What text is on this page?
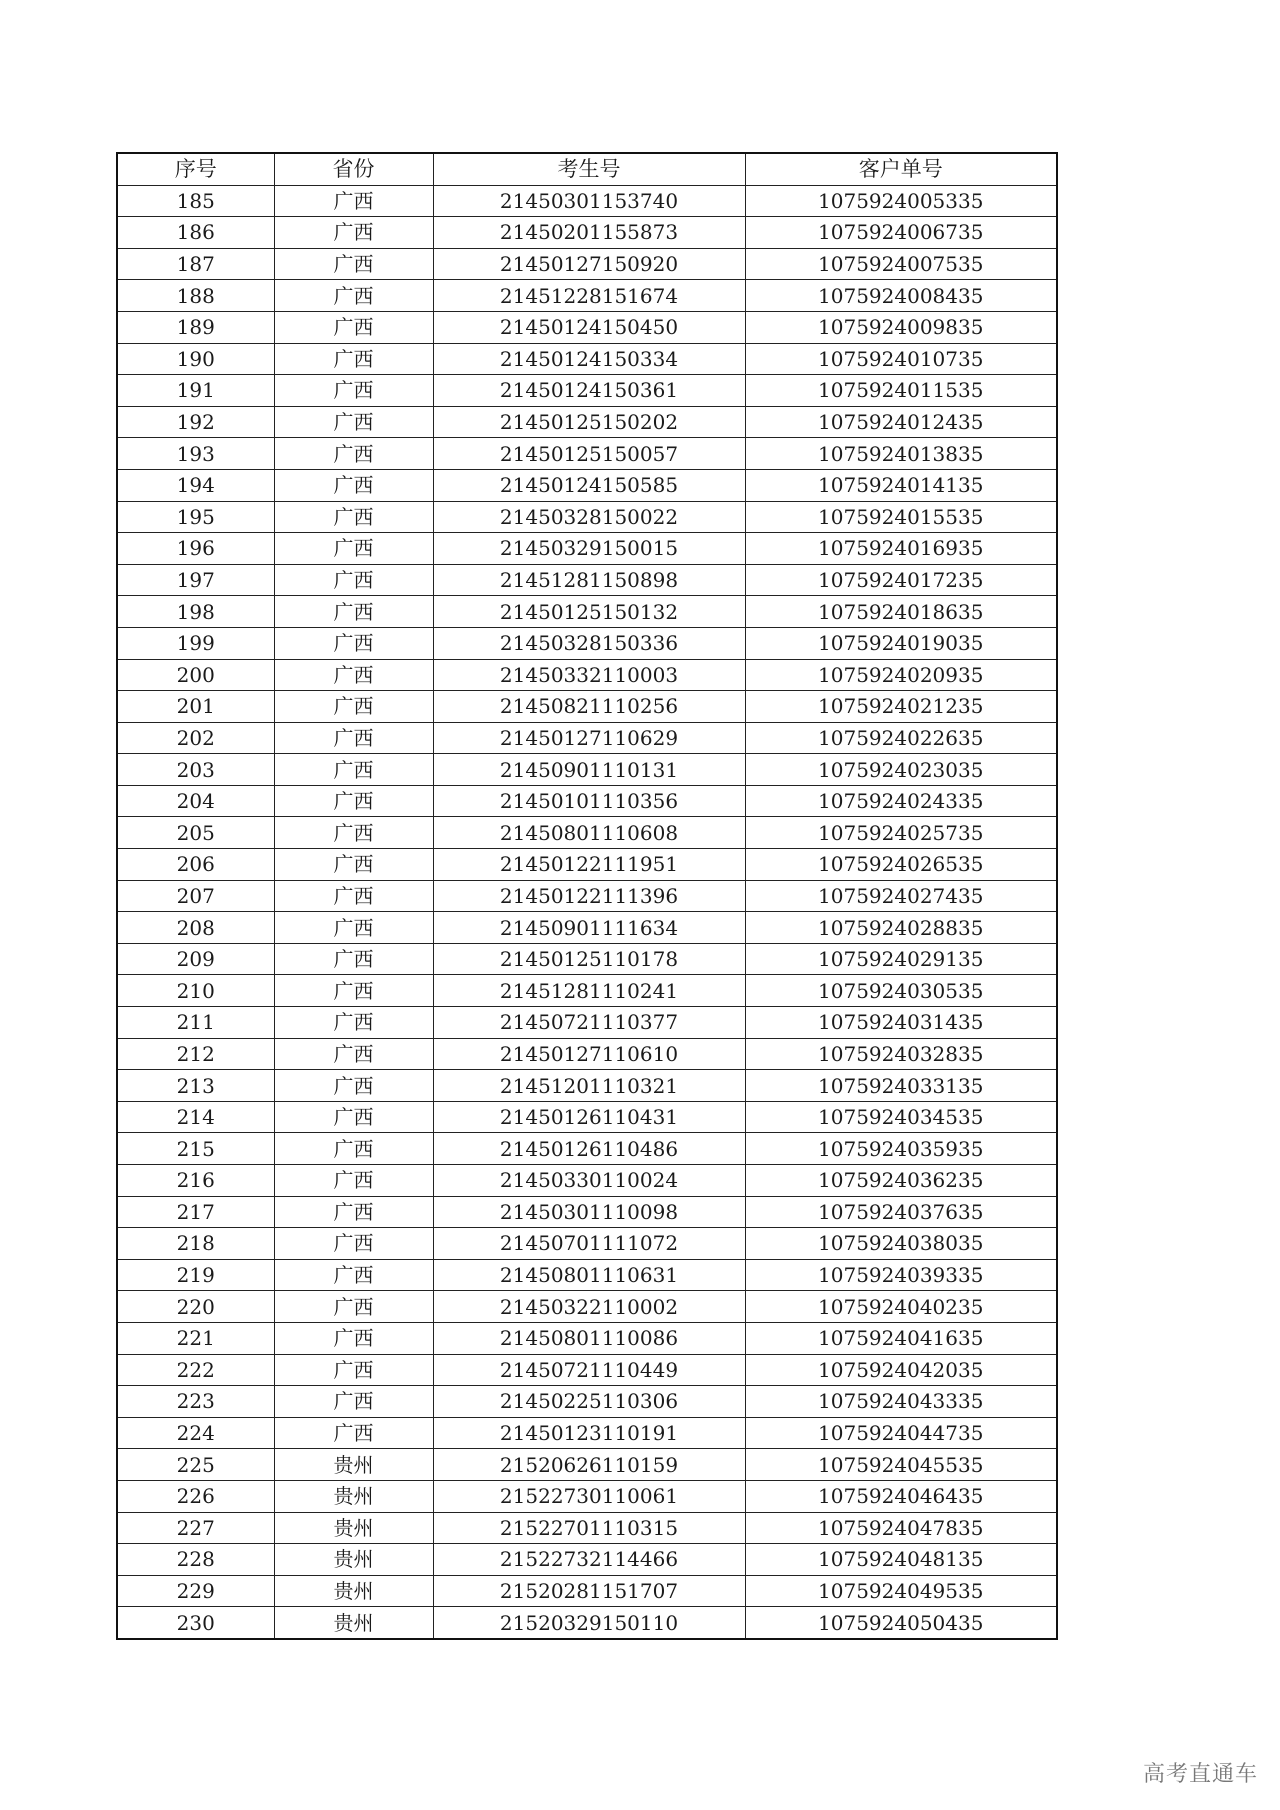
序号	省份	考生号	客户单号
185	广西	21450301153740	1075924005335
186	广西	21450201155873	1075924006735
187	广西	21450127150920	1075924007535
188	广西	21451228151674	1075924008435
189	广西	21450124150450	1075924009835
190	广西	21450124150334	1075924010735
191	广西	21450124150361	1075924011535
192	广西	21450125150202	1075924012435
193	广西	21450125150057	1075924013835
194	广西	21450124150585	1075924014135
195	广西	21450328150022	1075924015535
196	广西	21450329150015	1075924016935
197	广西	21451281150898	1075924017235
198	广西	21450125150132	1075924018635
199	广西	21450328150336	1075924019035
200	广西	21450332110003	1075924020935
201	广西	21450821110256	1075924021235
202	广西	21450127110629	1075924022635
203	广西	21450901110131	1075924023035
204	广西	21450101110356	1075924024335
205	广西	21450801110608	1075924025735
206	广西	21450122111951	1075924026535
207	广西	21450122111396	1075924027435
208	广西	21450901111634	1075924028835
209	广西	21450125110178	1075924029135
210	广西	21451281110241	1075924030535
211	广西	21450721110377	1075924031435
212	广西	21450127110610	1075924032835
213	广西	21451201110321	1075924033135
214	广西	21450126110431	1075924034535
215	广西	21450126110486	1075924035935
216	广西	21450330110024	1075924036235
217	广西	21450301110098	1075924037635
218	广西	21450701111072	1075924038035
219	广西	21450801110631	1075924039335
220	广西	21450322110002	1075924040235
221	广西	21450801110086	1075924041635
222	广西	21450721110449	1075924042035
223	广西	21450225110306	1075924043335
224	广西	21450123110191	1075924044735
225	贵州	21520626110159	1075924045535
226	贵州	21522730110061	1075924046435
227	贵州	21522701110315	1075924047835
228	贵州	21522732114466	1075924048135
229	贵州	21520281151707	1075924049535
230	贵州	21520329150110	1075924050435
高考直通车
